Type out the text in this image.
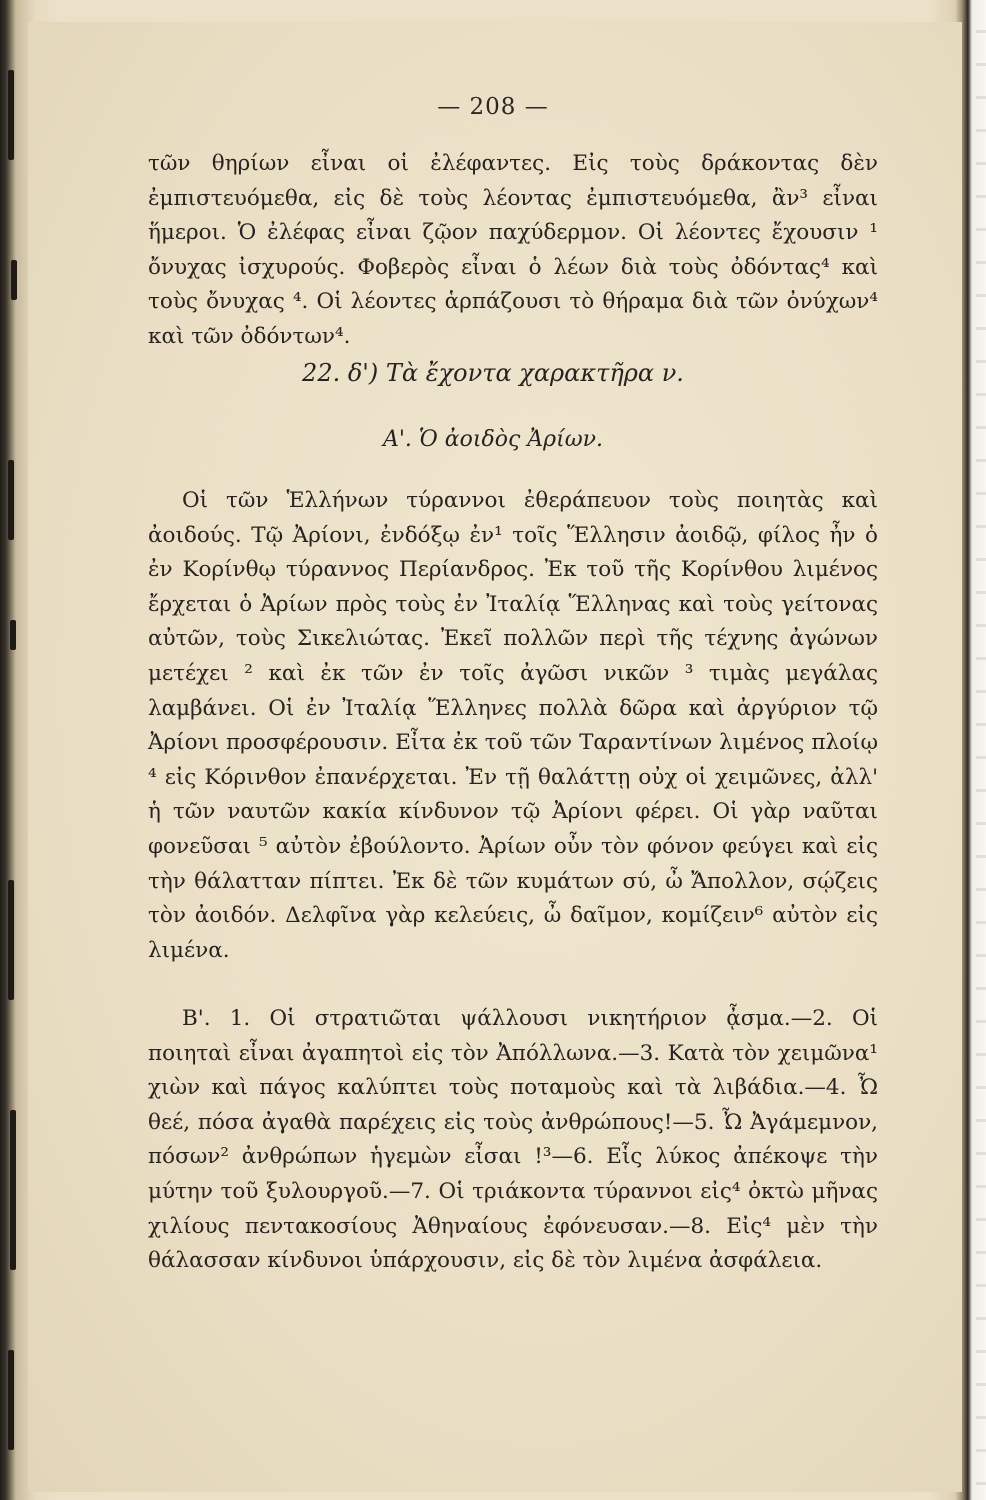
— 208 —

τῶν θηρίων εἶναι οἱ ἐλέφαντες. Εἰς τοὺς δράκοντας δὲν ἐμπιστευόμεθα, εἰς δὲ τοὺς λέοντας ἐμπιστευόμεθα, ἂν³ εἶναι ἥμεροι. Ὁ ἐλέφας εἶναι ζῷον παχύδερμον. Οἱ λέοντες ἔχουσιν ¹ ὄνυχας ἰσχυρούς. Φοβερὸς εἶναι ὁ λέων διὰ τοὺς ὀδόντας⁴ καὶ τοὺς ὄνυχας ⁴. Οἱ λέοντες ἁρπάζουσι τὸ θήραμα διὰ τῶν ὀνύχων⁴ καὶ τῶν ὀδόντων⁴.

22. δ') Τὰ ἔχοντα χαρακτῆρα ν.
Α'. Ὁ ἀοιδὸς Ἀρίων.

Οἱ τῶν Ἑλλήνων τύραννοι ἐθεράπευον τοὺς ποιητὰς καὶ ἀοιδούς. Τῷ Ἀρίονι, ἐνδόξῳ ἐν¹ τοῖς Ἕλλησιν ἀοιδῷ, φίλος ἦν ὁ ἐν Κορίνθῳ τύραννος Περίανδρος. Ἐκ τοῦ τῆς Κορίνθου λιμένος ἔρχεται ὁ Ἀρίων πρὸς τοὺς ἐν Ἰταλίᾳ Ἕλληνας καὶ τοὺς γείτονας αὐτῶν, τοὺς Σικελιώτας. Ἐκεῖ πολλῶν περὶ τῆς τέχνης ἀγώνων μετέχει ² καὶ ἐκ τῶν ἐν τοῖς ἀγῶσι νικῶν ³ τιμὰς μεγάλας λαμβάνει. Οἱ ἐν Ἰταλίᾳ Ἕλληνες πολλὰ δῶρα καὶ ἀργύριον τῷ Ἀρίονι προσφέρουσιν. Εἶτα ἐκ τοῦ τῶν Ταραντίνων λιμένος πλοίῳ ⁴ εἰς Κόρινθον ἐπανέρχεται. Ἐν τῇ θαλάττῃ οὐχ οἱ χειμῶνες, ἀλλ' ἡ τῶν ναυτῶν κακία κίνδυνον τῷ Ἀρίονι φέρει. Οἱ γὰρ ναῦται φονεῦσαι ⁵ αὐτὸν ἐβούλοντο. Ἀρίων οὖν τὸν φόνον φεύγει καὶ εἰς τὴν θάλατταν πίπτει. Ἐκ δὲ τῶν κυμάτων σύ, ὦ Ἄπολλον, σῴζεις τὸν ἀοιδόν. Δελφῖνα γὰρ κελεύεις, ὦ δαῖμον, κομίζειν⁶ αὐτὸν εἰς λιμένα.

Β'. 1. Οἱ στρατιῶται ψάλλουσι νικητήριον ᾆσμα.—2. Οἱ ποιηταὶ εἶναι ἀγαπητοὶ εἰς τὸν Ἀπόλλωνα.—3. Κατὰ τὸν χειμῶνα¹ χιὼν καὶ πάγος καλύπτει τοὺς ποταμοὺς καὶ τὰ λιβάδια.—4. Ὦ θεέ, πόσα ἀγαθὰ παρέχεις εἰς τοὺς ἀνθρώπους!—5. Ὦ Ἀγάμεμνον, πόσων² ἀνθρώπων ἡγεμὼν εἶσαι !³—6. Εἷς λύκος ἀπέκοψε τὴν μύτην τοῦ ξυλουργοῦ.—7. Οἱ τριάκοντα τύραννοι εἰς⁴ ὀκτὼ μῆνας χιλίους πεντακοσίους Ἀθηναίους ἐφόνευσαν.—8. Εἰς⁴ μὲν τὴν θάλασσαν κίνδυνοι ὑπάρχουσιν, εἰς δὲ τὸν λιμένα ἀσφάλεια.
